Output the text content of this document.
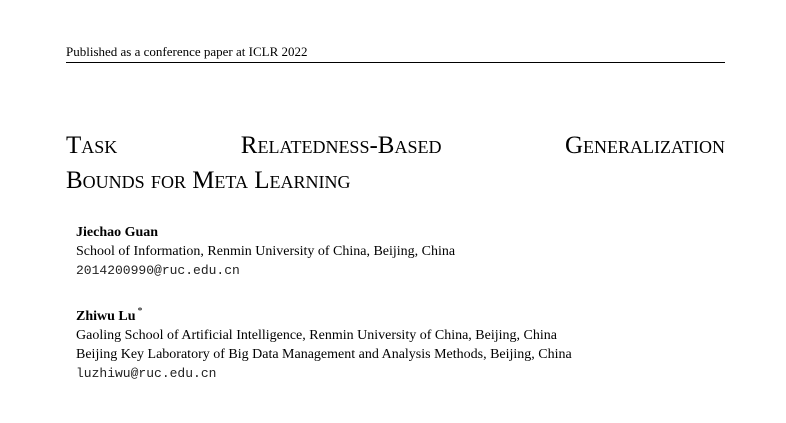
Published as a conference paper at ICLR 2022
Task	Relatedness-Based	Generalization
Bounds for Meta Learning
Jiechao Guan
School of Information, Renmin University of China, Beijing, China
2014200990@ruc.edu.cn
Zhiwu Lu *
Gaoling School of Artificial Intelligence, Renmin University of China, Beijing, China
Beijing Key Laboratory of Big Data Management and Analysis Methods, Beijing, China
luzhiwu@ruc.edu.cn
